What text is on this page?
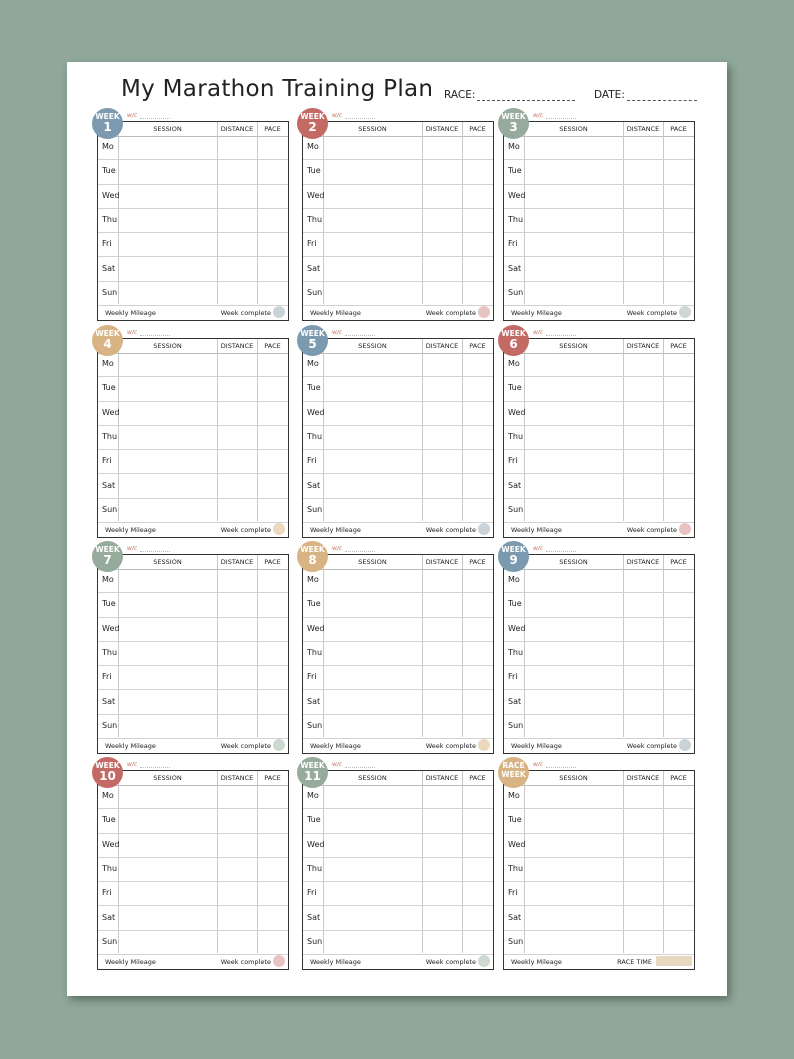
My Marathon Training Plan RACE:	DATE:
SESSION	DISTANCE	PACE
Mo
Tue
Wed
Thu
Fri
Sat
Sun
Weekly Mileage	Week complete
WEEK
1
w/c
SESSION	DISTANCE	PACE
Mo
Tue
Wed
Thu
Fri
Sat
Sun
Weekly Mileage	Week complete
WEEK
2
w/c
SESSION	DISTANCE	PACE
Mo
Tue
Wed
Thu
Fri
Sat
Sun
Weekly Mileage	Week complete
WEEK
3
w/c
SESSION	DISTANCE	PACE
Mo
Tue
Wed
Thu
Fri
Sat
Sun
Weekly Mileage	Week complete
WEEK
4
w/c
SESSION	DISTANCE	PACE
Mo
Tue
Wed
Thu
Fri
Sat
Sun
Weekly Mileage	Week complete
WEEK
5
w/c
SESSION	DISTANCE	PACE
Mo
Tue
Wed
Thu
Fri
Sat
Sun
Weekly Mileage	Week complete
WEEK
6
w/c
SESSION	DISTANCE	PACE
Mo
Tue
Wed
Thu
Fri
Sat
Sun
Weekly Mileage	Week complete
WEEK
7
w/c
SESSION	DISTANCE	PACE
Mo
Tue
Wed
Thu
Fri
Sat
Sun
Weekly Mileage	Week complete
WEEK
8
w/c
SESSION	DISTANCE	PACE
Mo
Tue
Wed
Thu
Fri
Sat
Sun
Weekly Mileage	Week complete
WEEK
9
w/c
SESSION	DISTANCE	PACE
Mo
Tue
Wed
Thu
Fri
Sat
Sun
Weekly Mileage	Week complete
WEEK
10
w/c
SESSION	DISTANCE	PACE
Mo
Tue
Wed
Thu
Fri
Sat
Sun
Weekly Mileage	Week complete
WEEK
11
w/c
SESSION	DISTANCE	PACE
Mo
Tue
Wed
Thu
Fri
Sat
Sun
Weekly Mileage	RACE TIME
RACE
WEEK
w/c
